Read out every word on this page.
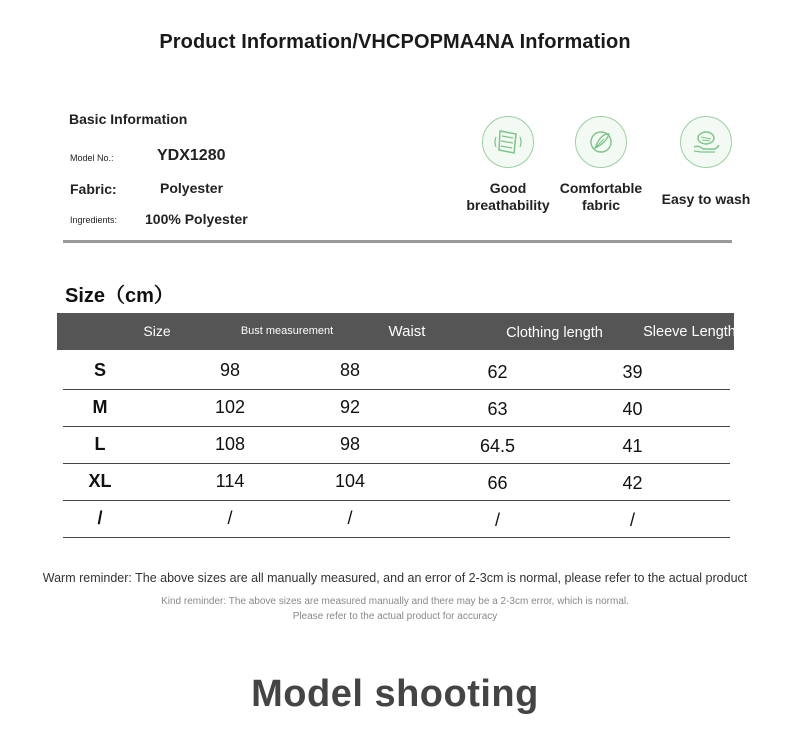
Product Information/VHCPOPMA4NA Information
Basic Information
Model No.:	YDX1280
Fabric:	Polyester
Ingredients: 100% Polyester
Good
breathability
Comfortable
fabric	Easy to wash
Size（cm）
Size	Bust measurement	Waist	Clothing length	Sleeve Length
S	98	88	62	39
M	102	92	63	40
L	108	98	64.5	41
XL	114	104	66	42
/	/	/	/	/
Warm reminder: The above sizes are all manually measured, and an error of 2-3cm is normal, please refer to the actual product
Kind reminder: The above sizes are measured manually and there may be a 2-3cm error, which is normal.
Please refer to the actual product for accuracy
Model shooting
